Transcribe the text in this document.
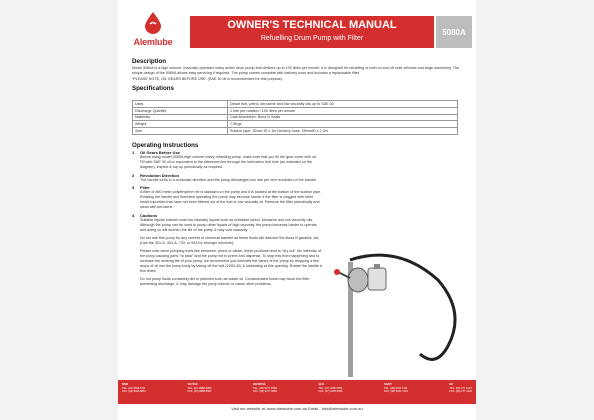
Alemlube
OWNER'S TECHNICAL MANUAL
Refuelling Drum Pump with Filter
5080A
Description

Model 5080A is a high volume, manually operated rotary action drum pump that delivers up to 100 litres per minute. It is designed for refuelling of both on and off road vehicles and large machinery. The simple design of the 5080A allows easy servicing if required. The pump comes complete with delivery hose and includes a replaceable filter.

*PLEASE NOTE, OIL GEARS BEFORE USE. (SAE 30 oil is recommended for this purpose).

Specifications
Uses	Diesel fuel, petrol, kerosene and low viscosity oils up to SAE 30
Discharge Quantity	1 litre per rotation / 100 litres per minute
Materials	Cast Aluminium, Buna N Seals
Weight	7.5Kgs
Size	Suction pipe: 32mm ID x 1m Delivery hose: 25mmID x 2.2m
Operating Instructions
1 Oil Gears Before Use
Before using model 5080A high volume rotary refuelling pump, make sure that you fill the gear cover with oil. Fill with SAE 30 oil or equivalent to the reference line through the lubrication bolt hole (as indicated on the diagram), inspect & top up periodically as required.
2 Revolution Direction
The handle turns in a clockwise direction and the pump discharges one litre per one revolution of the handle.
3 Filter
A filter of #60 mesh polyethylene net is standard on the pump and it is located at the bottom of the suction pipe. Rotating the handle and therefore operating the pump may become harder if the filter is clogged with other small impurities that have not been filtered out of the fuel or low viscosity oil. Remove the filter periodically and clean with kerosene.
4 Cautions
Suitable liquids include most low viscosity liquids such as unleaded petrol, kerosene and low viscosity oils. Although the pump can be used to pump other liquids of high viscosity, the pump becomes harder to operate and doing so will shorten the life of the pump & may void warranty.
Do not use this pump for any solvent or chemical transfer as these fluids will dissolve the Buna N gaskets, etc. (Use the 301-A, 401-A, 733, or 933 for stronger solvents).
Please note when pumping fuels like kerosene, petrol or diesel, these products tend to "dry out" the internals of the pump causing parts "to stick" and the pump not to prime and dispense. To stop this from happening and to increase the working life of your pump, we recommend you lubricate the vanes of the pump by dropping a few drops of oil into the pump body by taking off the bolt (2000-42) & lubricating at this opening. Rotate the handle a few times.
Do not pump fluids containing dirt or particles such as waste oil. Contaminated fluids may block the filter, preventing discharge, & may damage the pump interior or cause other problems.
NSW
TEL: (02) 9698 8711
FAX: (02) 9698 8851
VIC/TAS
TEL: (03) 9888 8980
FAX: (03) 9888 8983
WA/NT/SA
TEL: (08) 9277 6599
FAX: (08) 9277 6866
QLD
TEL: (07) 3205 6555
FAX: (07) 3205 6666
SA/NT
TEL: (08) 8344 7111
FAX: (08) 8344 7222
NZ
TEL: (09) 277 1227
FAX: (09) 277 1226
Visit our website at: www.alemlube.com.au Email - info@alemlube.com.au
